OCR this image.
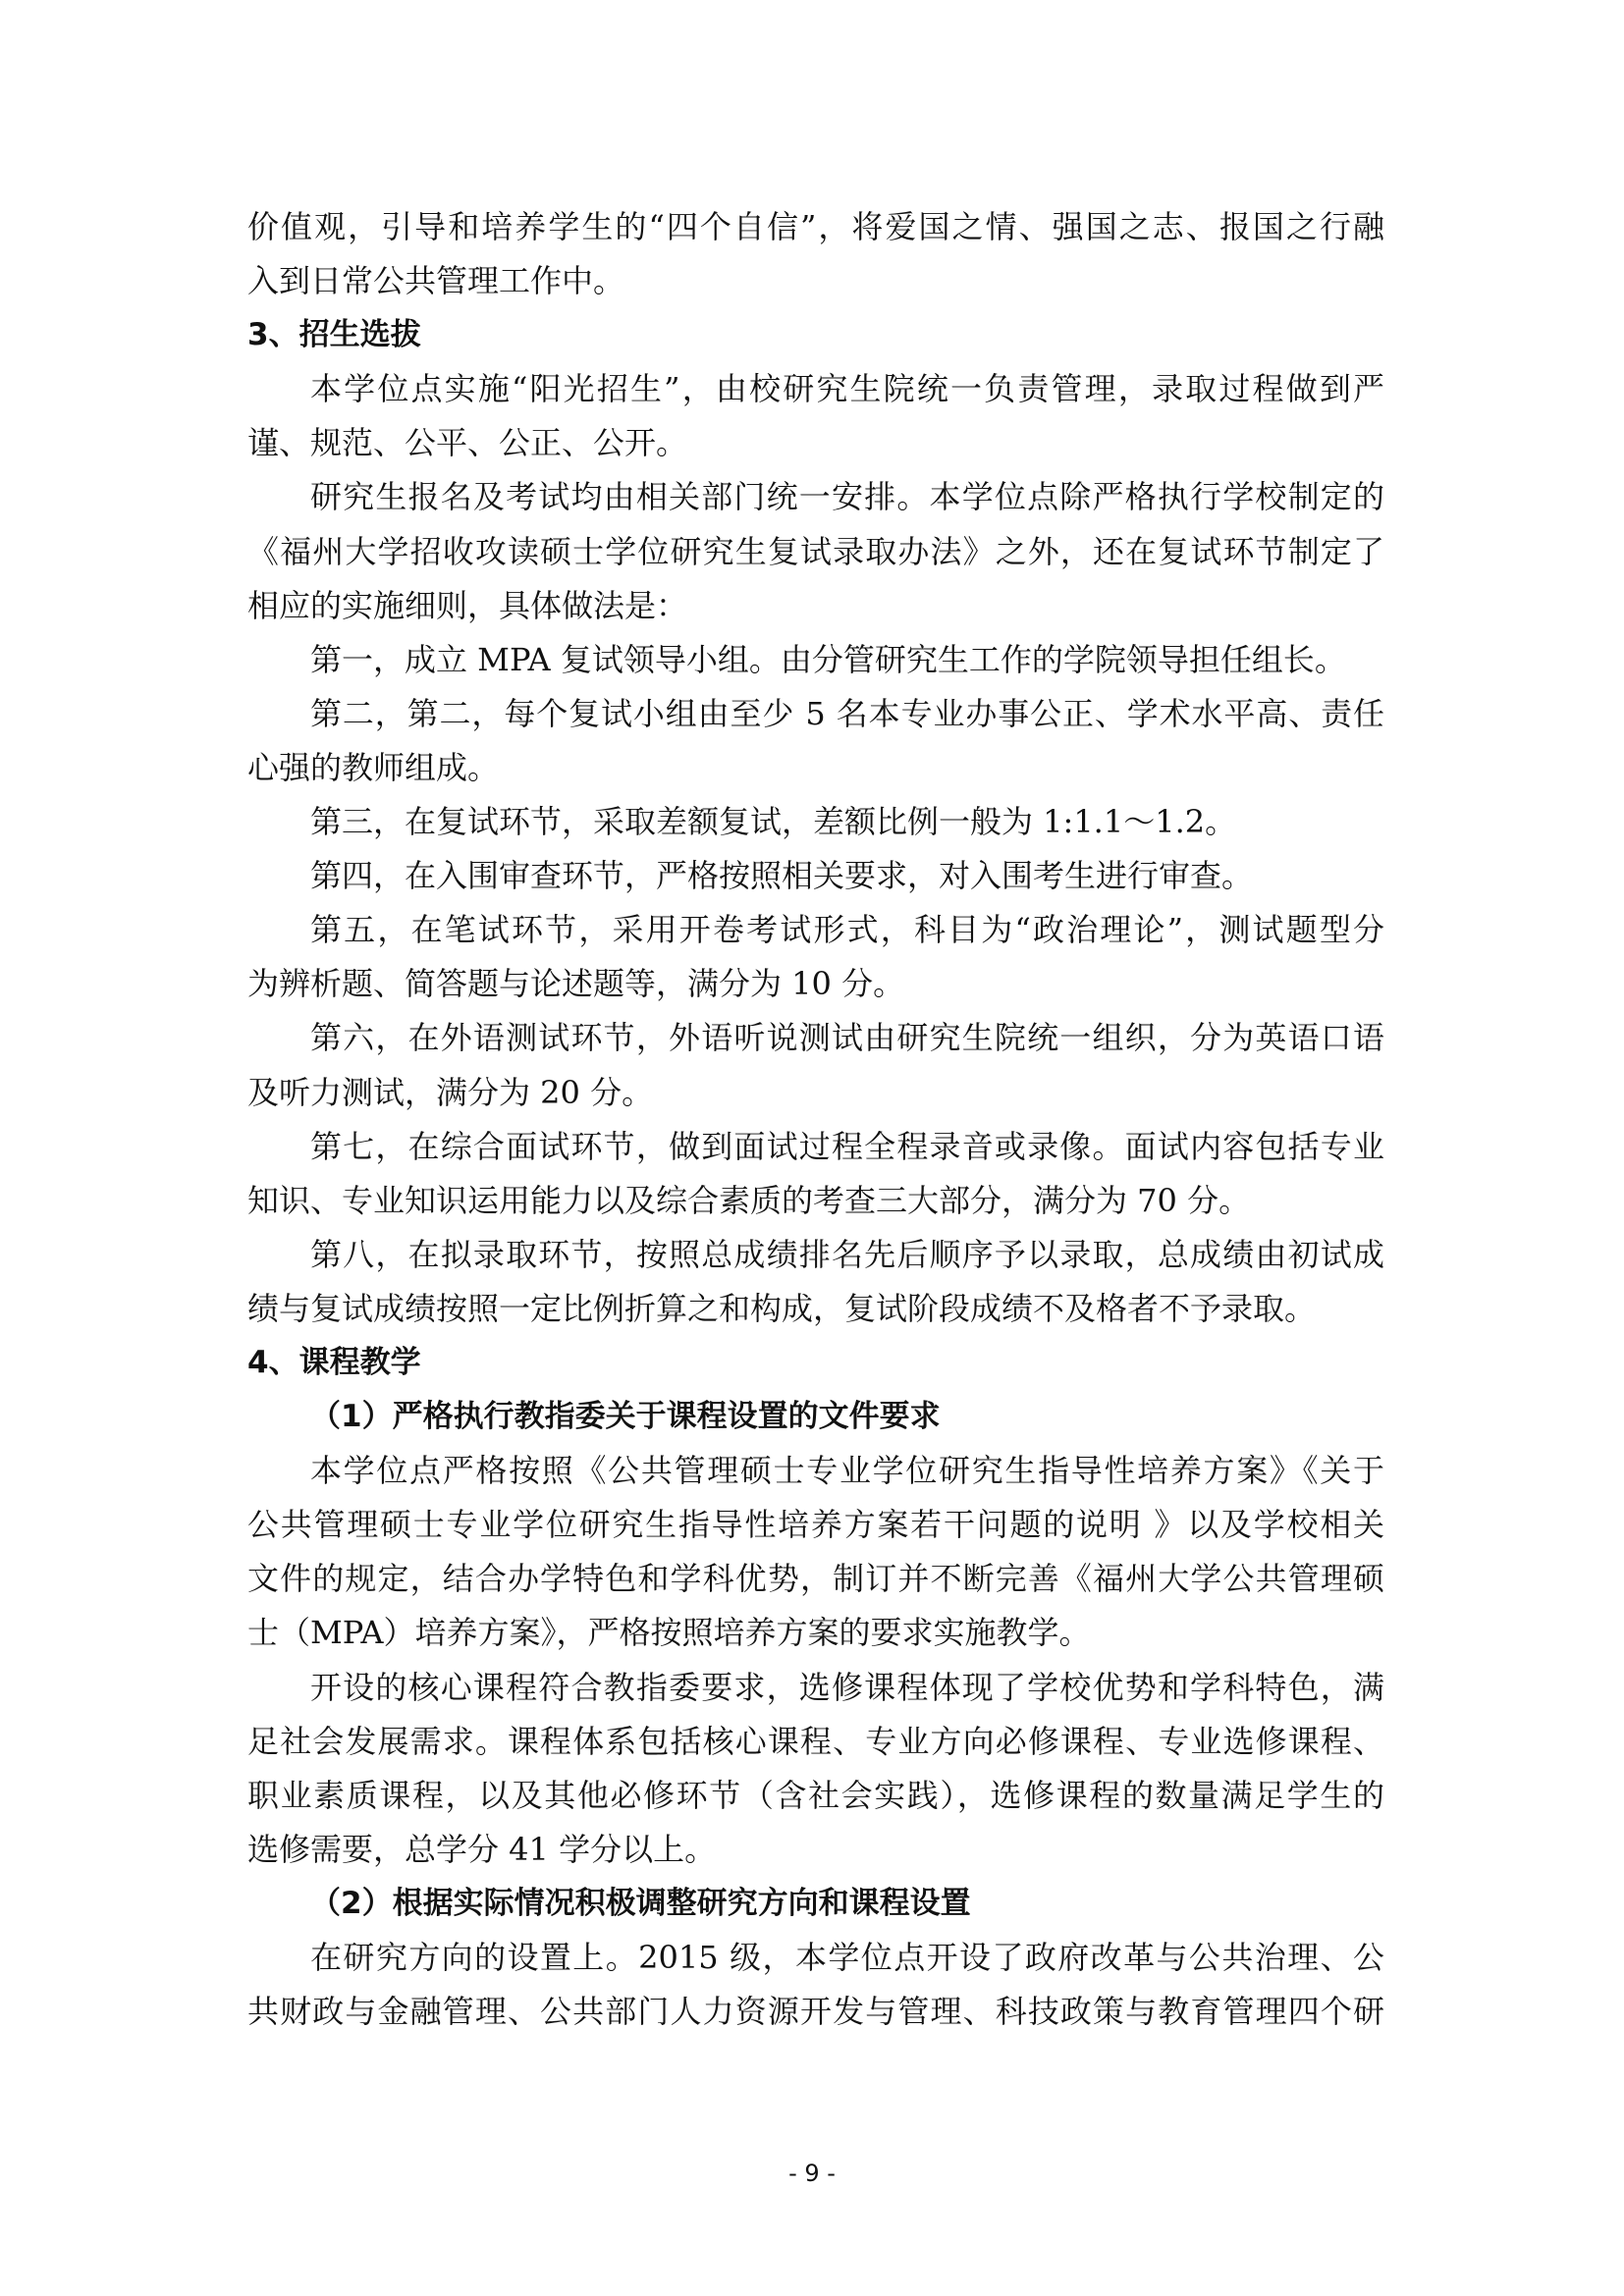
价值观，引导和培养学生的“四个自信”，将爱国之情、强国之志、报国之行融
入到日常公共管理工作中。
3、招生选拔
本学位点实施“阳光招生”，由校研究生院统一负责管理，录取过程做到严
谨、规范、公平、公正、公开。
研究生报名及考试均由相关部门统一安排。本学位点除严格执行学校制定的
《福州大学招收攻读硕士学位研究生复试录取办法》之外，还在复试环节制定了
相应的实施细则，具体做法是：
第一，成立 MPA 复试领导小组。由分管研究生工作的学院领导担任组长。
第二，第二，每个复试小组由至少 5 名本专业办事公正、学术水平高、责任
心强的教师组成。
第三，在复试环节，采取差额复试，差额比例一般为 1:1.1～1.2。
第四，在入围审查环节，严格按照相关要求，对入围考生进行审查。
第五，在笔试环节，采用开卷考试形式，科目为“政治理论”，测试题型分
为辨析题、简答题与论述题等，满分为 10 分。
第六，在外语测试环节，外语听说测试由研究生院统一组织，分为英语口语
及听力测试，满分为 20 分。
第七，在综合面试环节，做到面试过程全程录音或录像。面试内容包括专业
知识、专业知识运用能力以及综合素质的考查三大部分，满分为 70 分。
第八，在拟录取环节，按照总成绩排名先后顺序予以录取，总成绩由初试成
绩与复试成绩按照一定比例折算之和构成，复试阶段成绩不及格者不予录取。
4、课程教学
（1）严格执行教指委关于课程设置的文件要求
本学位点严格按照《公共管理硕士专业学位研究生指导性培养方案》《关于
公共管理硕士专业学位研究生指导性培养方案若干问题的说明 》以及学校相关
文件的规定，结合办学特色和学科优势，制订并不断完善《福州大学公共管理硕
士（MPA）培养方案》，严格按照培养方案的要求实施教学。
开设的核心课程符合教指委要求，选修课程体现了学校优势和学科特色，满
足社会发展需求。课程体系包括核心课程、专业方向必修课程、专业选修课程、
职业素质课程，以及其他必修环节（含社会实践），选修课程的数量满足学生的
选修需要，总学分 41 学分以上。
（2）根据实际情况积极调整研究方向和课程设置
在研究方向的设置上。2015 级，本学位点开设了政府改革与公共治理、公
共财政与金融管理、公共部门人力资源开发与管理、科技政策与教育管理四个研
- 9 -
